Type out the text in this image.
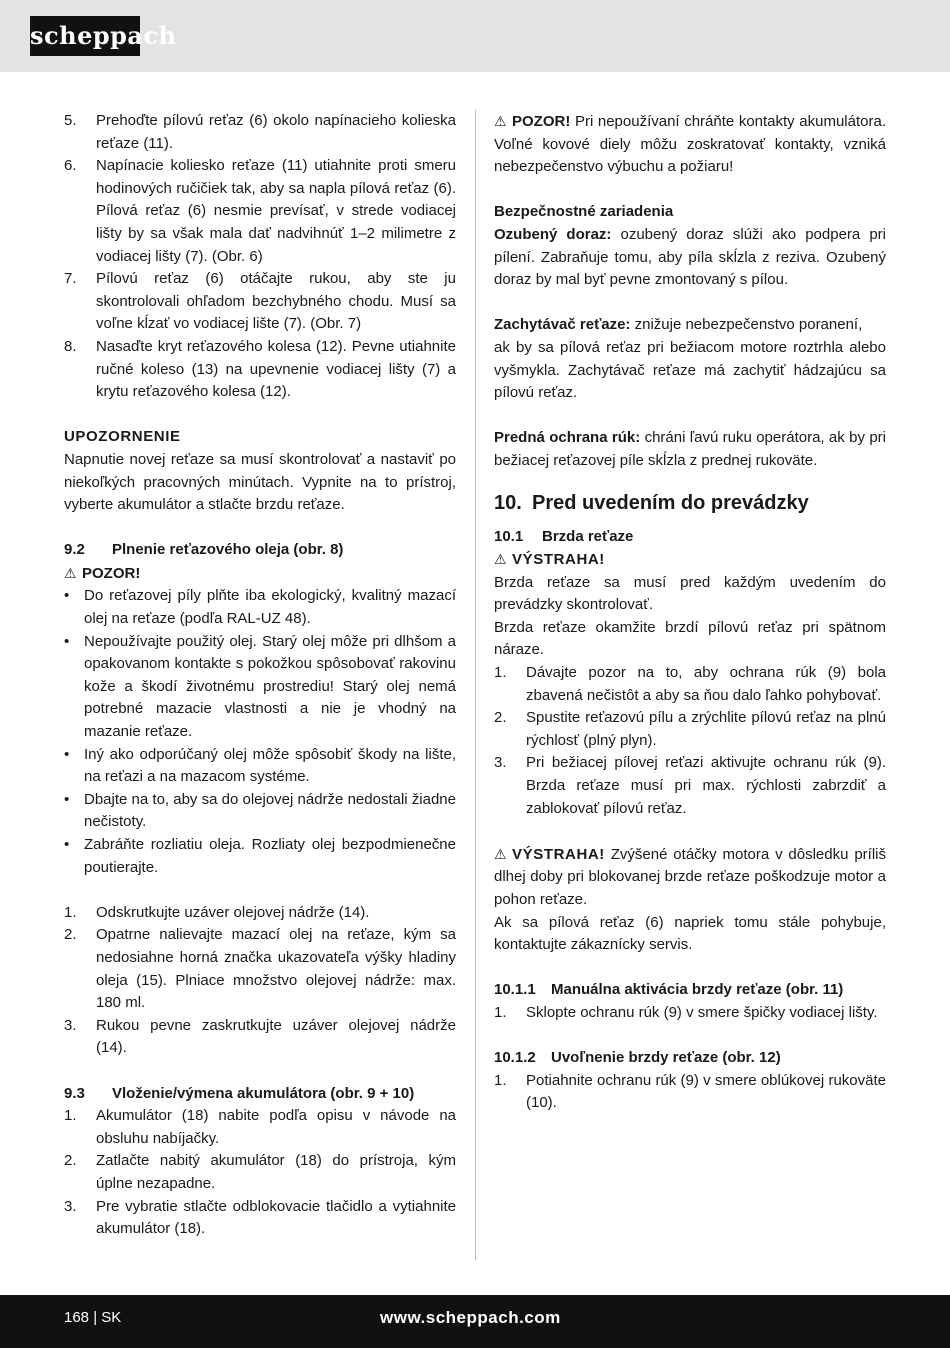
scheppach
5.	Prehoďte pílovú reťaz (6) okolo napínacieho kolieska reťaze (11).
6.	Napínacie koliesko reťaze (11) utiahnite proti smeru hodinových ručičiek tak, aby sa napla pílová reťaz (6). Pílová reťaz (6) nesmie prevísať, v strede vodiacej lišty by sa však mala dať nadvihnúť 1–2 milimetre z vodiacej lišty (7). (Obr. 6)
7.	Pílovú reťaz (6) otáčajte rukou, aby ste ju skontrolovali ohľadom bezchybného chodu. Musí sa voľne kĺzať vo vodiacej lište (7). (Obr. 7)
8.	Nasaďte kryt reťazového kolesa (12). Pevne utiahnite ručné koleso (13) na upevnenie vodiacej lišty (7) a krytu reťazového kolesa (12).
UPOZORNENIE

Napnutie novej reťaze sa musí skontrolovať a nastaviť po niekoľkých pracovných minútach. Vypnite na to prístroj, vyberte akumulátor a stlačte brzdu reťaze.

9.2	Plnenie reťazového oleja (obr. 8)
⚠ POZOR!
• Do reťazovej píly plňte iba ekologický, kvalitný mazací olej na reťaze (podľa RAL-UZ 48).
• Nepoužívajte použitý olej. Starý olej môže pri dlhšom a opakovanom kontakte s pokožkou spôsobovať rakovinu kože a škodí životnému prostrediu! Starý olej nemá potrebné mazacie vlastnosti a nie je vhodný na mazanie reťaze.
• Iný ako odporúčaný olej môže spôsobiť škody na lište, na reťazi a na mazacom systéme.
• Dbajte na to, aby sa do olejovej nádrže nedostali žiadne nečistoty.
• Zabráňte rozliatiu oleja. Rozliaty olej bezpodmienečne poutierajte.
1.	Odskrutkujte uzáver olejovej nádrže (14).
2.	Opatrne nalievajte mazací olej na reťaze, kým sa nedosiahne horná značka ukazovateľa výšky hladiny oleja (15). Plniace množstvo olejovej nádrže: max. 180 ml.
3.	Rukou pevne zaskrutkujte uzáver olejovej nádrže (14).
9.3	Vloženie/výmena akumulátora (obr. 9 + 10)
1.	Akumulátor (18) nabite podľa opisu v návode na obsluhu nabíjačky.
2.	Zatlačte nabitý akumulátor (18) do prístroja, kým úplne nezapadne.
3.	Pre vybratie stlačte odblokovacie tlačidlo a vytiahnite akumulátor (18).

⚠ POZOR! Pri nepoužívaní chráňte kontakty akumulátora. Voľné kovové diely môžu zoskratovať kontakty, vzniká nebezpečenstvo výbuchu a požiaru!

Bezpečnostné zariadenia

Ozubený doraz: ozubený doraz slúži ako podpera pri pílení. Zabraňuje tomu, aby píla skĺzla z reziva. Ozubený doraz by mal byť pevne zmontovaný s pílou.

Zachytávač reťaze: znižuje nebezpečenstvo poranení,

ak by sa pílová reťaz pri bežiacom motore roztrhla alebo vyšmykla. Zachytávač reťaze má zachytiť hádzajúcu sa pílovú reťaz.

Predná ochrana rúk: chráni ľavú ruku operátora, ak by pri bežiacej reťazovej píle skĺzla z prednej rukoväte.

10. Pred uvedením do prevádzky
10.1	Brzda reťaze
⚠ VÝSTRAHA!

Brzda reťaze sa musí pred každým uvedením do prevádzky skontrolovať.

Brzda reťaze okamžite brzdí pílovú reťaz pri spätnom náraze.

1.	Dávajte pozor na to, aby ochrana rúk (9) bola zbavená nečistôt a aby sa ňou dalo ľahko pohybovať.
2.	Spustite reťazovú pílu a zrýchlite pílovú reťaz na plnú rýchlosť (plný plyn).
3.	Pri bežiacej pílovej reťazi aktivujte ochranu rúk (9). Brzda reťaze musí pri max. rýchlosti zabrzdiť a zablokovať pílovú reťaz.

⚠ VÝSTRAHA! Zvýšené otáčky motora v dôsledku príliš dlhej doby pri blokovanej brzde reťaze poškodzuje motor a pohon reťaze.

Ak sa pílová reťaz (6) napriek tomu stále pohybuje, kontaktujte zákaznícky servis.

10.1.1	Manuálna aktivácia brzdy reťaze (obr. 11)
1.	Sklopte ochranu rúk (9) v smere špičky vodiacej lišty.
10.1.2	Uvoľnenie brzdy reťaze (obr. 12)
1.	Potiahnite ochranu rúk (9) v smere oblúkovej rukoväte (10).
168 | SK	www.scheppach.com
